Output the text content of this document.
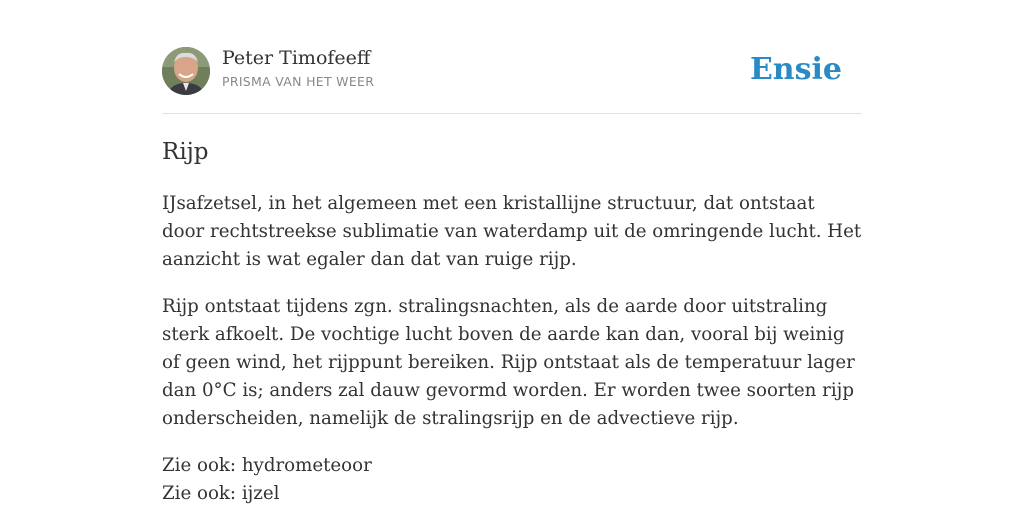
Peter Timofeeff
PRISMA VAN HET WEER	Ensie
Rijp

IJsafzetsel, in het algemeen met een kristallijne structuur, dat ontstaat door rechtstreekse sublimatie van waterdamp uit de omringende lucht. Het aanzicht is wat egaler dan dat van ruige rijp.

Rijp ontstaat tijdens zgn. stralingsnachten, als de aarde door uitstraling sterk afkoelt. De vochtige lucht boven de aarde kan dan, vooral bij weinig of geen wind, het rijppunt bereiken. Rijp ontstaat als de temperatuur lager dan 0°C is; anders zal dauw gevormd worden. Er worden twee soorten rijp onderscheiden, namelijk de stralingsrijp en de advectieve rijp.

Zie ook: hydrometeoor
Zie ook: ijzel
